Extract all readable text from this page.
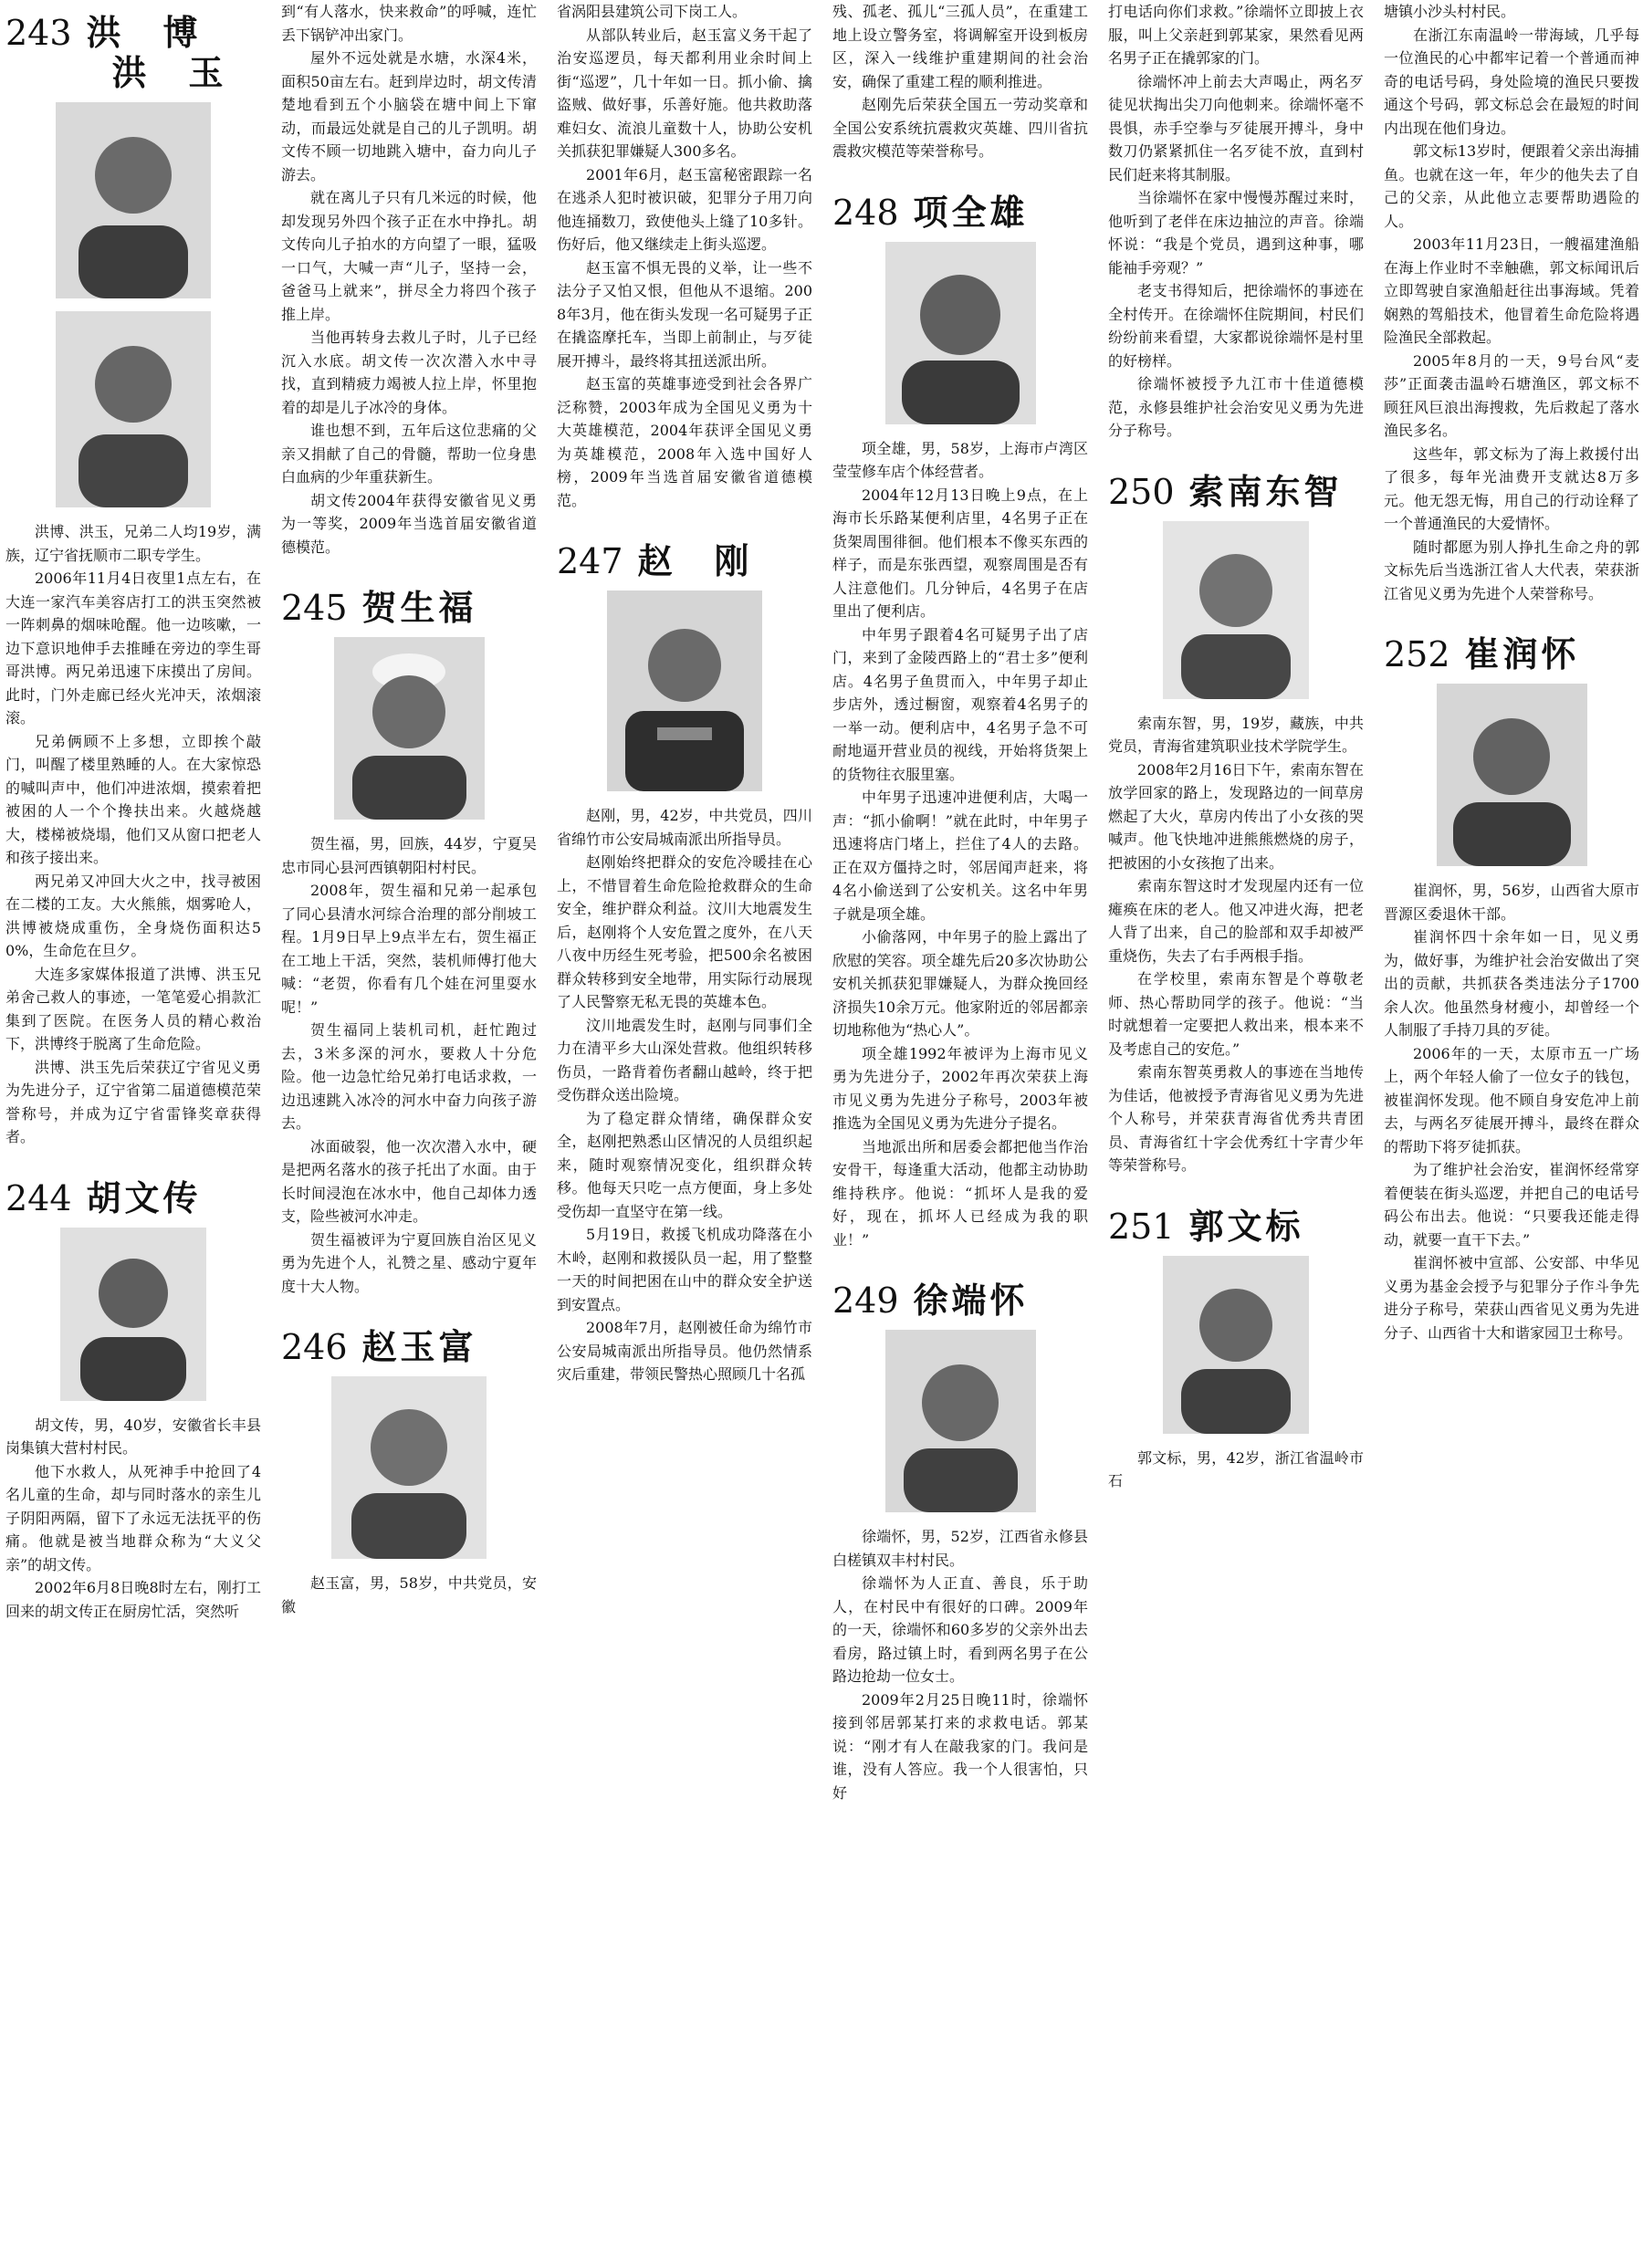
243 洪　博
洪　玉

洪博、洪玉，兄弟二人均19岁，满族，辽宁省抚顺市二职专学生。

2006年11月4日夜里1点左右，在大连一家汽车美容店打工的洪玉突然被一阵刺鼻的烟味呛醒。他一边咳嗽，一边下意识地伸手去推睡在旁边的孪生哥哥洪博。两兄弟迅速下床摸出了房间。此时，门外走廊已经火光冲天，浓烟滚滚。

兄弟俩顾不上多想，立即挨个敲门，叫醒了楼里熟睡的人。在大家惊恐的喊叫声中，他们冲进浓烟，摸索着把被困的人一个个搀扶出来。火越烧越大，楼梯被烧塌，他们又从窗口把老人和孩子接出来。

两兄弟又冲回大火之中，找寻被困在二楼的工友。大火熊熊，烟雾呛人，洪博被烧成重伤，全身烧伤面积达50%，生命危在旦夕。

大连多家媒体报道了洪博、洪玉兄弟舍己救人的事迹，一笔笔爱心捐款汇集到了医院。在医务人员的精心救治下，洪博终于脱离了生命危险。

洪博、洪玉先后荣获辽宁省见义勇为先进分子，辽宁省第二届道德模范荣誉称号，并成为辽宁省雷锋奖章获得者。

244 胡文传

胡文传，男，40岁，安徽省长丰县岗集镇大营村村民。

他下水救人，从死神手中抢回了4名儿童的生命，却与同时落水的亲生儿子阴阳两隔，留下了永远无法抚平的伤痛。他就是被当地群众称为“大义父亲”的胡文传。

2002年6月8日晚8时左右，刚打工回来的胡文传正在厨房忙活，突然听

到“有人落水，快来救命”的呼喊，连忙丢下锅铲冲出家门。

屋外不远处就是水塘，水深4米，面积50亩左右。赶到岸边时，胡文传清楚地看到五个小脑袋在塘中间上下窜动，而最远处就是自己的儿子凯明。胡文传不顾一切地跳入塘中，奋力向儿子游去。

就在离儿子只有几米远的时候，他却发现另外四个孩子正在水中挣扎。胡文传向儿子拍水的方向望了一眼，猛吸一口气，大喊一声“儿子，坚持一会，爸爸马上就来”，拼尽全力将四个孩子推上岸。

当他再转身去救儿子时，儿子已经沉入水底。胡文传一次次潜入水中寻找，直到精疲力竭被人拉上岸，怀里抱着的却是儿子冰冷的身体。

谁也想不到，五年后这位悲痛的父亲又捐献了自己的骨髓，帮助一位身患白血病的少年重获新生。

胡文传2004年获得安徽省见义勇为一等奖，2009年当选首届安徽省道德模范。

245 贺生福

贺生福，男，回族，44岁，宁夏吴忠市同心县河西镇朝阳村村民。

2008年，贺生福和兄弟一起承包了同心县清水河综合治理的部分削坡工程。1月9日早上9点半左右，贺生福正在工地上干活，突然，装机师傅打他大喊：“老贺，你看有几个娃在河里耍水呢！”

贺生福同上装机司机，赶忙跑过去，3米多深的河水，要救人十分危险。他一边急忙给兄弟打电话求救，一边迅速跳入冰冷的河水中奋力向孩子游去。

冰面破裂，他一次次潜入水中，硬是把两名落水的孩子托出了水面。由于长时间浸泡在冰水中，他自己却体力透支，险些被河水冲走。

贺生福被评为宁夏回族自治区见义勇为先进个人，礼赞之星、感动宁夏年度十大人物。

246 赵玉富

赵玉富，男，58岁，中共党员，安徽

省涡阳县建筑公司下岗工人。

从部队转业后，赵玉富义务干起了治安巡逻员，每天都利用业余时间上街“巡逻”，几十年如一日。抓小偷、擒盗贼、做好事，乐善好施。他共救助落难妇女、流浪儿童数十人，协助公安机关抓获犯罪嫌疑人300多名。

2001年6月，赵玉富秘密跟踪一名在逃杀人犯时被识破，犯罪分子用刀向他连捅数刀，致使他头上缝了10多针。伤好后，他又继续走上街头巡逻。

赵玉富不惧无畏的义举，让一些不法分子又怕又恨，但他从不退缩。2008年3月，他在街头发现一名可疑男子正在撬盗摩托车，当即上前制止，与歹徒展开搏斗，最终将其扭送派出所。

赵玉富的英雄事迹受到社会各界广泛称赞，2003年成为全国见义勇为十大英雄模范，2004年获评全国见义勇为英雄模范，2008年入选中国好人榜，2009年当选首届安徽省道德模范。

247 赵　刚

赵刚，男，42岁，中共党员，四川省绵竹市公安局城南派出所指导员。

赵刚始终把群众的安危冷暖挂在心上，不惜冒着生命危险抢救群众的生命安全，维护群众利益。汶川大地震发生后，赵刚将个人安危置之度外，在八天八夜中历经生死考验，把500余名被困群众转移到安全地带，用实际行动展现了人民警察无私无畏的英雄本色。

汶川地震发生时，赵刚与同事们全力在清平乡大山深处营救。他组织转移伤员，一路背着伤者翻山越岭，终于把受伤群众送出险境。

为了稳定群众情绪，确保群众安全，赵刚把熟悉山区情况的人员组织起来，随时观察情况变化，组织群众转移。他每天只吃一点方便面，身上多处受伤却一直坚守在第一线。

5月19日，救援飞机成功降落在小木岭，赵刚和救援队员一起，用了整整一天的时间把困在山中的群众安全护送到安置点。

2008年7月，赵刚被任命为绵竹市公安局城南派出所指导员。他仍然情系灾后重建，带领民警热心照顾几十名孤

残、孤老、孤儿“三孤人员”，在重建工地上设立警务室，将调解室开设到板房区，深入一线维护重建期间的社会治安，确保了重建工程的顺利推进。

赵刚先后荣获全国五一劳动奖章和全国公安系统抗震救灾英雄、四川省抗震救灾模范等荣誉称号。

248 项全雄

项全雄，男，58岁，上海市卢湾区莹莹修车店个体经营者。

2004年12月13日晚上9点，在上海市长乐路某便利店里，4名男子正在货架周围徘徊。他们根本不像买东西的样子，而是东张西望，观察周围是否有人注意他们。几分钟后，4名男子在店里出了便利店。

中年男子跟着4名可疑男子出了店门，来到了金陵西路上的“君士多”便利店。4名男子鱼贯而入，中年男子却止步店外，透过橱窗，观察着4名男子的一举一动。便利店中，4名男子急不可耐地逼开营业员的视线，开始将货架上的货物往衣服里塞。

中年男子迅速冲进便利店，大喝一声：“抓小偷啊！”就在此时，中年男子迅速将店门堵上，拦住了4人的去路。正在双方僵持之时，邻居闻声赶来，将4名小偷送到了公安机关。这名中年男子就是项全雄。

小偷落网，中年男子的脸上露出了欣慰的笑容。项全雄先后20多次协助公安机关抓获犯罪嫌疑人，为群众挽回经济损失10余万元。他家附近的邻居都亲切地称他为“热心人”。

项全雄1992年被评为上海市见义勇为先进分子，2002年再次荣获上海市见义勇为先进分子称号，2003年被推选为全国见义勇为先进分子提名。

当地派出所和居委会都把他当作治安骨干，每逢重大活动，他都主动协助维持秩序。他说：“抓坏人是我的爱好，现在，抓坏人已经成为我的职业！”

249 徐端怀

徐端怀，男，52岁，江西省永修县白槎镇双丰村村民。

徐端怀为人正直、善良，乐于助人，在村民中有很好的口碑。2009年的一天，徐端怀和60多岁的父亲外出去看房，路过镇上时，看到两名男子在公路边抢劫一位女士。

2009年2月25日晚11时，徐端怀接到邻居郭某打来的求救电话。郭某说：“刚才有人在敲我家的门。我问是谁，没有人答应。我一个人很害怕，只好

打电话向你们求救。”徐端怀立即披上衣服，叫上父亲赶到郭某家，果然看见两名男子正在撬郭家的门。

徐端怀冲上前去大声喝止，两名歹徒见状掏出尖刀向他刺来。徐端怀毫不畏惧，赤手空拳与歹徒展开搏斗，身中数刀仍紧紧抓住一名歹徒不放，直到村民们赶来将其制服。

当徐端怀在家中慢慢苏醒过来时，他听到了老伴在床边抽泣的声音。徐端怀说：“我是个党员，遇到这种事，哪能袖手旁观？”

老支书得知后，把徐端怀的事迹在全村传开。在徐端怀住院期间，村民们纷纷前来看望，大家都说徐端怀是村里的好榜样。

徐端怀被授予九江市十佳道德模范，永修县维护社会治安见义勇为先进分子称号。

250 索南东智

索南东智，男，19岁，藏族，中共党员，青海省建筑职业技术学院学生。

2008年2月16日下午，索南东智在放学回家的路上，发现路边的一间草房燃起了大火，草房内传出了小女孩的哭喊声。他飞快地冲进熊熊燃烧的房子，把被困的小女孩抱了出来。

索南东智这时才发现屋内还有一位瘫痪在床的老人。他又冲进火海，把老人背了出来，自己的脸部和双手却被严重烧伤，失去了右手两根手指。

在学校里，索南东智是个尊敬老师、热心帮助同学的孩子。他说：“当时就想着一定要把人救出来，根本来不及考虑自己的安危。”

索南东智英勇救人的事迹在当地传为佳话，他被授予青海省见义勇为先进个人称号，并荣获青海省优秀共青团员、青海省红十字会优秀红十字青少年等荣誉称号。

251 郭文标

郭文标，男，42岁，浙江省温岭市石

塘镇小沙头村村民。

在浙江东南温岭一带海域，几乎每一位渔民的心中都牢记着一个普通而神奇的电话号码，身处险境的渔民只要拨通这个号码，郭文标总会在最短的时间内出现在他们身边。

郭文标13岁时，便跟着父亲出海捕鱼。也就在这一年，年少的他失去了自己的父亲，从此他立志要帮助遇险的人。

2003年11月23日，一艘福建渔船在海上作业时不幸触礁，郭文标闻讯后立即驾驶自家渔船赶往出事海域。凭着娴熟的驾船技术，他冒着生命危险将遇险渔民全部救起。

2005年8月的一天，9号台风“麦莎”正面袭击温岭石塘渔区，郭文标不顾狂风巨浪出海搜救，先后救起了落水渔民多名。

这些年，郭文标为了海上救援付出了很多，每年光油费开支就达8万多元。他无怨无悔，用自己的行动诠释了一个普通渔民的大爱情怀。

随时都愿为别人挣扎生命之舟的郭文标先后当选浙江省人大代表，荣获浙江省见义勇为先进个人荣誉称号。

252 崔润怀

崔润怀，男，56岁，山西省大原市晋源区委退休干部。

崔润怀四十余年如一日，见义勇为，做好事，为维护社会治安做出了突出的贡献，共抓获各类违法分子1700余人次。他虽然身材瘦小，却曾经一个人制服了手持刀具的歹徒。

2006年的一天，太原市五一广场上，两个年轻人偷了一位女子的钱包，被崔润怀发现。他不顾自身安危冲上前去，与两名歹徒展开搏斗，最终在群众的帮助下将歹徒抓获。

为了维护社会治安，崔润怀经常穿着便装在街头巡逻，并把自己的电话号码公布出去。他说：“只要我还能走得动，就要一直干下去。”

崔润怀被中宣部、公安部、中华见义勇为基金会授予与犯罪分子作斗争先进分子称号，荣获山西省见义勇为先进分子、山西省十大和谐家园卫士称号。
